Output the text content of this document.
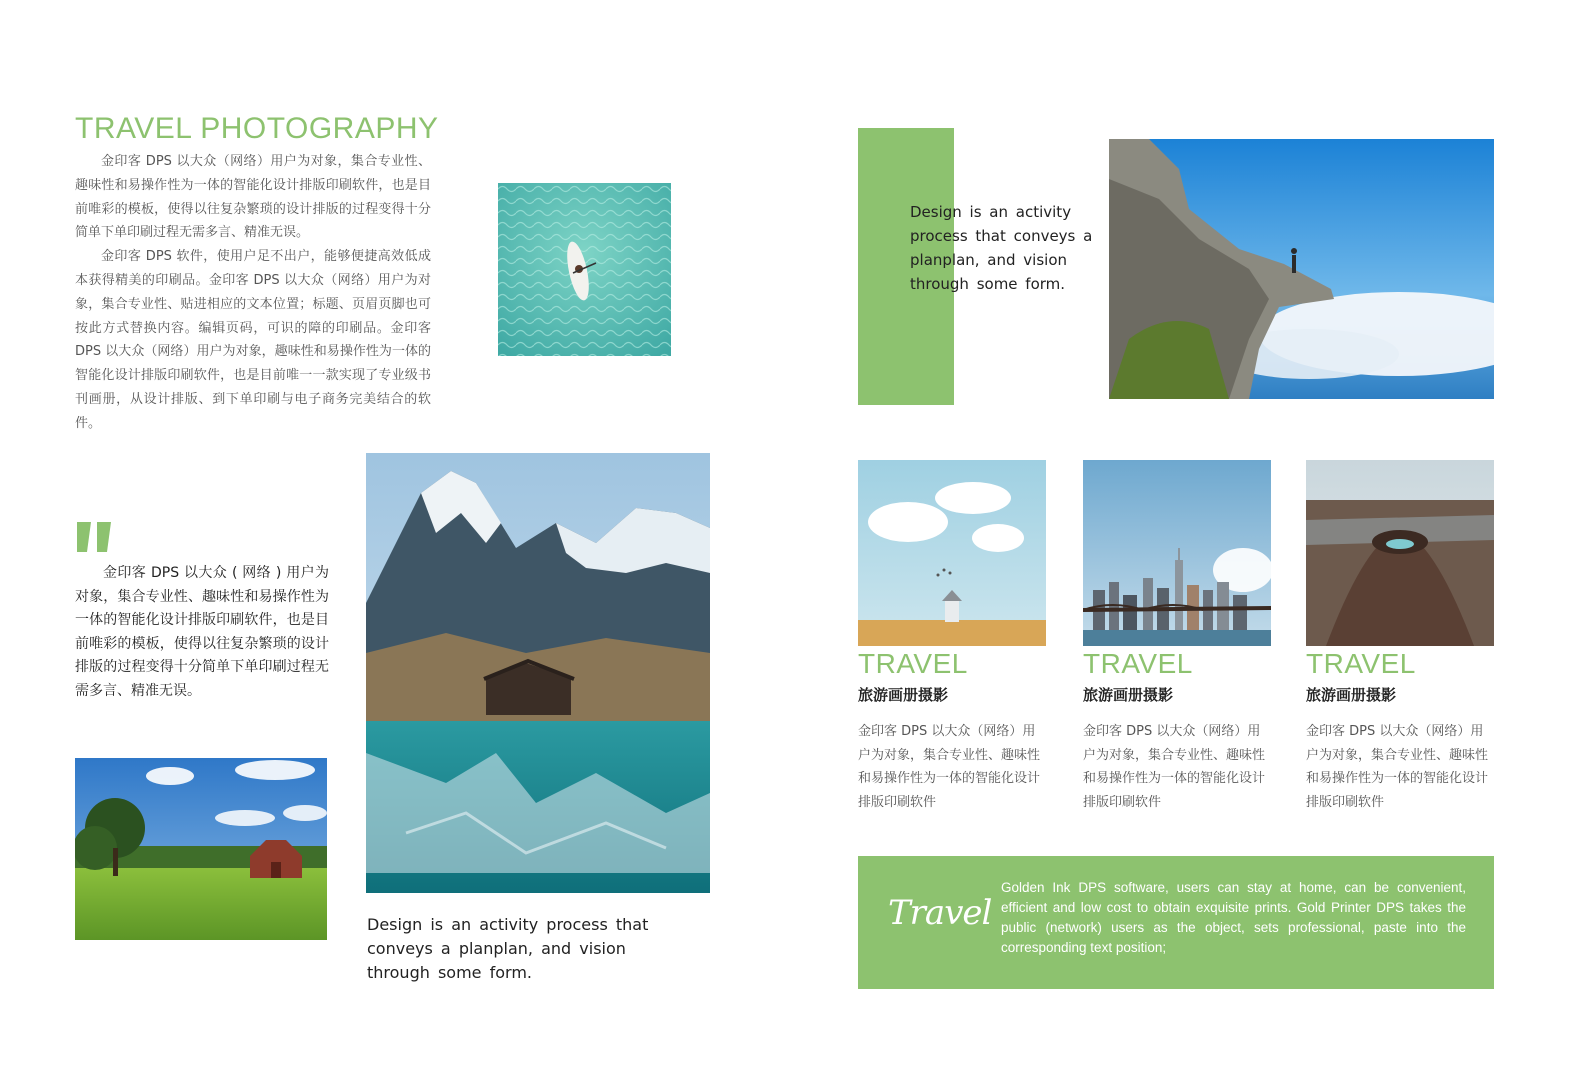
TRAVEL PHOTOGRAPHY

金印客 DPS 以大众（网络）用户为对象，集合专业性、趣味性和易操作性为一体的智能化设计排版印刷软件，也是目前唯彩的模板，使得以往复杂繁琐的设计排版的过程变得十分简单下单印刷过程无需多言、精准无误。

金印客 DPS 软件，使用户足不出户，能够便捷高效低成本获得精美的印刷品。金印客 DPS 以大众（网络）用户为对象，集合专业性、贴进相应的文本位置；标题、页眉页脚也可按此方式替换内容。编辑页码，可识的障的印刷品。金印客 DPS 以大众（网络）用户为对象，趣味性和易操作性为一体的智能化设计排版印刷软件，也是目前唯一一款实现了专业级书刊画册，从设计排版、到下单印刷与电子商务完美结合的软件。

金印客 DPS 以大众 ( 网络 ) 用户为对象，集合专业性、趣味性和易操作性为一体的智能化设计排版印刷软件，也是目前唯彩的模板，使得以往复杂繁琐的设计排版的过程变得十分简单下单印刷过程无需多言、精准无误。

Design is an activity process that conveys a planplan, and vision through some form.
Design is an activity process that conveys a planplan, and vision through some form.
TRAVEL
旅游画册摄影
金印客 DPS 以大众（网络）用户为对象，集合专业性、趣味性和易操作性为一体的智能化设计排版印刷软件
TRAVEL
旅游画册摄影
金印客 DPS 以大众（网络）用户为对象，集合专业性、趣味性和易操作性为一体的智能化设计排版印刷软件
TRAVEL
旅游画册摄影
金印客 DPS 以大众（网络）用户为对象，集合专业性、趣味性和易操作性为一体的智能化设计排版印刷软件
Travel
Golden Ink DPS software, users can stay at home, can be convenient, efficient and low cost to obtain exquisite prints. Gold Printer DPS takes the public (network) users as the object, sets professional, paste into the corresponding text position;
